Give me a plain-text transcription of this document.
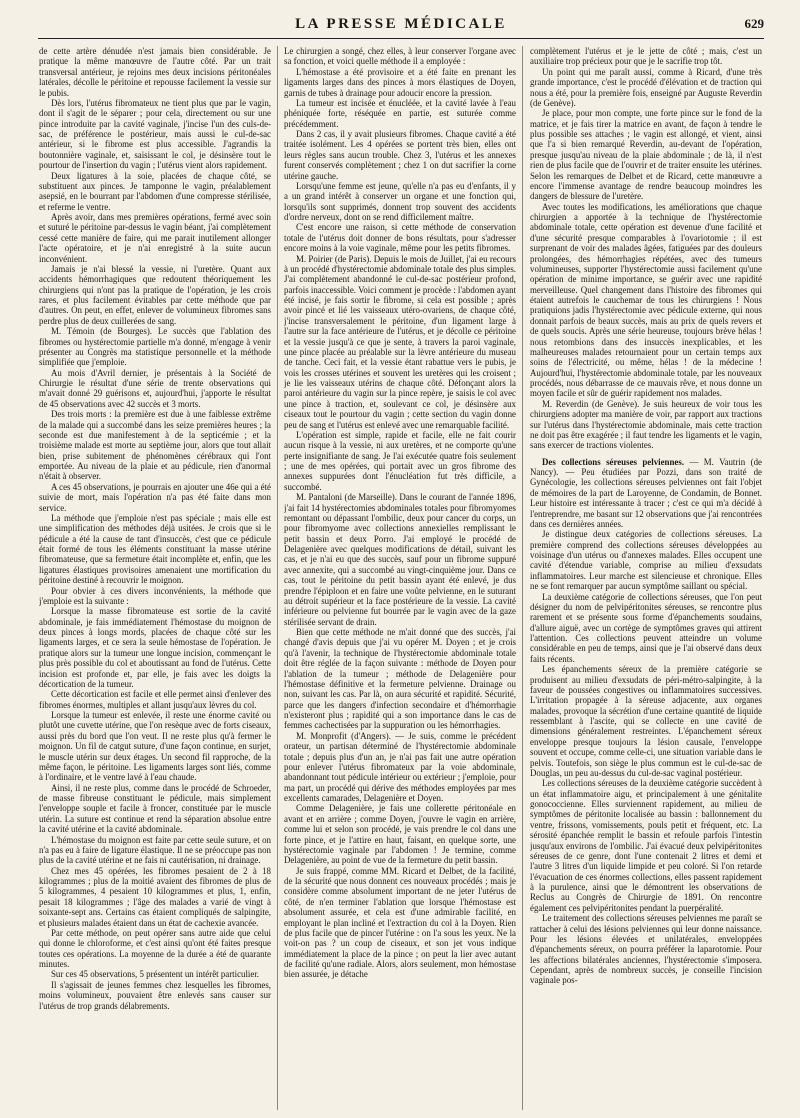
LA PRESSE MÉDICALE	629

de cette artère dénudée n'est jamais bien considérable. Je pratique la même manœuvre de l'autre côté. Par un trait transversal antérieur, je rejoins mes deux incisions péritonéales latérales, décolle le péritoine et repousse facilement la vessie sur le pubis.

Dès lors, l'utérus fibromateux ne tient plus que par le vagin, dont il s'agit de le séparer ; pour cela, directement ou sur une pince introduite par la cavité vaginale, j'incise l'un des culs-de-sac, de préférence le postérieur, mais aussi le cul-de-sac antérieur, si le fibrome est plus accessible. J'agrandis la boutonnière vaginale, et, saisissant le col, je désinsère tout le pourtour de l'insertion du vagin ; l'utérus vient alors rapidement.

Deux ligatures à la soie, placées de chaque côté, se substituent aux pinces. Je tamponne le vagin, préalablement asepsié, en le bourrant par l'abdomen d'une compresse stérilisée, et referme le ventre.

Après avoir, dans mes premières opérations, fermé avec soin et suturé le péritoine par-dessus le vagin béant, j'ai complètement cessé cette manière de faire, qui me parait inutilement allonger l'acte opératoire, et je n'ai enregistré à la suite aucun inconvénient.

Jamais je n'ai blessé la vessie, ni l'uretère. Quant aux accidents hémorrhagiques que redoutent théoriquement les chirurgiens qui n'ont pas la pratique de l'opération, je les crois rares, et plus facilement évitables par cette méthode que par d'autres. On peut, en effet, enlever de volumineux fibromes sans perdre plus de deux cuillerées de sang.

M. Témoin (de Bourges). Le succès que l'ablation des fibromes ou hystérectomie partielle m'a donné, m'engage à venir présenter au Congrès ma statistique personnelle et la méthode simplifiée que j'emploie.

Au mois d'Avril dernier, je présentais à la Société de Chirurgie le résultat d'une série de trente observations qui m'avait donné 29 guérisons et, aujourd'hui, j'apporte le résultat de 45 observations avec 42 succès et 3 morts.

Des trois morts : la première est due à une faiblesse extrême de la malade qui a succombé dans les seize premières heures ; la seconde est due manifestement à de la septicémie ; et la troisième malade est morte au septième jour, alors que tout allait bien, prise subitement de phénomènes cérébraux qui l'ont emportée. Au niveau de la plaie et au pédicule, rien d'anormal n'était à observer.

A ces 45 observations, je pourrais en ajouter une 46e qui a été suivie de mort, mais l'opération n'a pas été faite dans mon service.

La méthode que j'emploie n'est pas spéciale ; mais elle est une simplification des méthodes déjà usitées. Je crois que si le pédicule a été la cause de tant d'insuccès, c'est que ce pédicule était formé de tous les éléments constituant la masse utérine fibromateuse, que sa fermeture était incomplète et, enfin, que les ligatures élastiques provisoires amenaient une mortification du péritoine destiné à recouvrir le moignon.

Pour obvier à ces divers inconvénients, la méthode que j'emploie est la suivante :

Lorsque la masse fibromateuse est sortie de la cavité abdominale, je fais immédiatement l'hémostase du moignon de deux pinces à longs mords, placées de chaque côté sur les ligaments larges, et ce sera la seule hémostase de l'opération. Je pratique alors sur la tumeur une longue incision, commençant le plus près possible du col et aboutissant au fond de l'utérus. Cette incision est profonde et, par elle, je fais avec les doigts la décortication de la tumeur.

Cette décortication est facile et elle permet ainsi d'enlever des fibromes énormes, multiples et allant jusqu'aux lèvres du col.

Lorsque la tumeur est enlevée, il reste une énorme cavité ou plutôt une cuvette utérine, que l'on resèque avec de forts ciseaux, aussi près du bord que l'on veut. Il ne reste plus qu'à fermer le moignon. Un fil de catgut suture, d'une façon continue, en surjet, le muscle utérin sur deux étages. Un second fil rapproche, de la même façon, le péritoine. Les ligaments larges sont liés, comme à l'ordinaire, et le ventre lavé à l'eau chaude.

Ainsi, il ne reste plus, comme dans le procédé de Schroeder, de masse fibreuse constituant le pédicule, mais simplement l'enveloppe souple et facile à froncer, constituée par le muscle utérin. La suture est continue et rend la séparation absolue entre la cavité utérine et la cavité abdominale.

L'hémostase du moignon est faite par cette seule suture, et on n'a pas eu à faire de ligature élastique. Il ne se préoccupe pas non plus de la cavité utérine et ne fais ni cautérisation, ni drainage.

Chez mes 45 opérées, les fibromes pesaient de 2 à 18 kilogrammes ; plus de la moitié avaient des fibromes de plus de 5 kilogrammes, 4 pesaient 10 kilogrammes et plus, 1, enfin, pesait 18 kilogrammes ; l'âge des malades a varié de vingt à soixante-sept ans. Certains cas étaient compliqués de salpingite, et plusieurs malades étaient dans un état de cachexie avancée.

Par cette méthode, on peut opérer sans autre aide que celui qui donne le chloroforme, et c'est ainsi qu'ont été faites presque toutes ces opérations. La moyenne de la durée a été de quarante minutes.

Sur ces 45 observations, 5 présentent un intérêt particulier.

Il s'agissait de jeunes femmes chez lesquelles les fibromes, moins volumineux, pouvaient être enlevés sans causer sur l'utérus de trop grands délabrements.

Le chirurgien a songé, chez elles, à leur conserver l'organe avec sa fonction, et voici quelle méthode il a employée :

L'hémostase a été provisoire et a été faite en prenant les ligaments larges dans des pinces à mors élastiques de Doyen, garnis de tubes à drainage pour adoucir encore la pression.

La tumeur est incisée et énucléée, et la cavité lavée à l'eau phéniquée forte, réséquée en partie, est suturée comme précédemment.

Dans 2 cas, il y avait plusieurs fibromes. Chaque cavité a été traitée isolément. Les 4 opérées se portent très bien, elles ont leurs règles sans aucun trouble. Chez 3, l'utérus et les annexes furent conservés complètement ; chez 1 on dut sacrifier la corne utérine gauche.

Lorsqu'une femme est jeune, qu'elle n'a pas eu d'enfants, il y a un grand intérêt à conserver un organe et une fonction qui, lorsqu'ils sont supprimés, donnent trop souvent des accidents d'ordre nerveux, dont on se rend difficilement maître.

C'est encore une raison, si cette méthode de conservation totale de l'utérus doit donner de bons résultats, pour s'adresser encore moins à la voie vaginale, même pour les petits fibromes.

M. Poirier (de Paris). Depuis le mois de Juillet, j'ai eu recours à un procédé d'hystérectomie abdominale totale des plus simples. J'ai complètement abandonné le cul-de-sac postérieur profond, parfois inaccessible. Voici comment je procède : l'abdomen ayant été incisé, je fais sortir le fibrome, si cela est possible ; après avoir pincé et lié les vaisseaux utéro-ovariens, de chaque côté, j'incise transversalement le péritoine, d'un ligament large à l'autre sur la face antérieure de l'utérus, et je décolle ce péritoine et la vessie jusqu'à ce que je sente, à travers la paroi vaginale, une pince placée au préalable sur la lèvre antérieure du museau de tanche. Ceci fait, et la vessie étant rabattue vers le pubis, je vois les crosses utérines et souvent les uretères qui les croisent ; je lie les vaisseaux utérins de chaque côté. Défonçant alors la paroi antérieure du vagin sur la pince repère, je saisis le col avec une pince à traction, et, soulevant ce col, je désinsère aux ciseaux tout le pourtour du vagin ; cette section du vagin donne peu de sang et l'utérus est enlevé avec une remarquable facilité.

L'opération est simple, rapide et facile, elle ne fait courir aucun risque à la vessie, ni aux uretères, et ne comporte qu'une perte insignifiante de sang. Je l'ai exécutée quatre fois seulement ; une de mes opérées, qui portait avec un gros fibrome des annexes suppurées dont l'énucléation fut très difficile, a succombé.

M. Pantaloni (de Marseille). Dans le courant de l'année 1896, j'ai fait 14 hystérectomies abdominales totales pour fibromyomes remontant ou dépassant l'ombilic, deux pour cancer du corps, un pour fibromyome avec collections annexielles remplissant le petit bassin et deux Porro. J'ai employé le procédé de Delagenière avec quelques modifications de détail, suivant les cas, et je n'ai eu que des succès, sauf pour un fibrome suppuré avec annexite, qui a succombé au vingt-cinquième jour. Dans ce cas, tout le péritoine du petit bassin ayant été enlevé, je dus prendre l'épiploon et en faire une voûte pelvienne, en le suturant au détroit supérieur et la face postérieure de la vessie. La cavité inférieure ou pelvienne fut bourrée par le vagin avec de la gaze stérilisée servant de drain.

Bien que cette méthode ne m'ait donné que des succès, j'ai changé d'avis depuis que j'ai vu opérer M. Doyen ; et je crois qu'à l'avenir, la technique de l'hystérectomie abdominale totale doit être réglée de la façon suivante : méthode de Doyen pour l'ablation de la tumeur ; méthode de Delagenière pour l'hémostase définitive et la fermeture pelvienne. Drainage ou non, suivant les cas. Par là, on aura sécurité et rapidité. Sécurité, parce que les dangers d'infection secondaire et d'hémorrhagie n'existeront plus ; rapidité qui a son importance dans le cas de femmes cachectisées par la suppuration ou les hémorrhagies.

M. Monprofit (d'Angers). — Je suis, comme le précédent orateur, un partisan déterminé de l'hystérectomie abdominale totale ; depuis plus d'un an, je n'ai pas fait une autre opération pour enlever l'utérus fibromateux par la voie abdominale, abandonnant tout pédicule intérieur ou extérieur ; j'emploie, pour ma part, un procédé qui dérive des méthodes employées par mes excellents camarades, Delagenière et Doyen.

Comme Delagenière, je fais une collerette péritonéale en avant et en arrière ; comme Doyen, j'ouvre le vagin en arrière, comme lui et selon son procédé, je vais prendre le col dans une forte pince, et je l'attire en haut, faisant, en quelque sorte, une hystérectomie vaginale par l'abdomen ! Je termine, comme Delagenière, au point de vue de la fermeture du petit bassin.

Je suis frappé, comme MM. Ricard et Delbet, de la facilité, de la sécurité que nous donnent ces nouveaux procédés ; mais je considère comme absolument important de ne jeter l'utérus de côté, de n'en terminer l'ablation que lorsque l'hémostase est absolument assurée, et cela est d'une admirable facilité, en employant le plan incliné et l'extraction du col à la Doyen. Rien de plus facile que de pincer l'utérine : on l'a sous les yeux. Ne la voit-on pas ? un coup de ciseaux, et son jet vous indique immédiatement la place de la pince ; on peut la lier avec autant de facilité qu'une radiale. Alors, alors seulement, mon hémostase bien assurée, je détache

complètement l'utérus et je le jette de côté ; mais, c'est un auxiliaire trop précieux pour que je le sacrifie trop tôt.

Un point qui me paraît aussi, comme à Ricard, d'une très grande importance, c'est le procédé d'élévation et de traction qui nous a été, pour la première fois, enseigné par Auguste Reverdin (de Genève).

Je place, pour mon compte, une forte pince sur le fond de la matrice, et je fais tirer la matrice en avant, de façon à tendre le plus possible ses attaches ; le vagin est allongé, et vient, ainsi que l'a si bien remarqué Reverdin, au-devant de l'opération, presque jusqu'au niveau de la plaie abdominale ; de là, il n'est rien de plus facile que de l'ouvrir et de traiter ensuite les utérines. Selon les remarques de Delbet et de Ricard, cette manœuvre a encore l'immense avantage de rendre beaucoup moindres les dangers de blessure de l'uretère.

Avec toutes les modifications, les améliorations que chaque chirurgien a apportée à la technique de l'hystérectomie abdominale totale, cette opération est devenue d'une facilité et d'une sécurité presque comparables à l'ovariotomie ; il est surprenant de voir des malades âgées, fatiguées par des douleurs prolongées, des hémorrhagies répétées, avec des tumeurs volumineuses, supporter l'hystérectomie aussi facilement qu'une opération de minime importance, se guérir avec une rapidité merveilleuse. Quel changement dans l'histoire des fibromes qui étaient autrefois le cauchemar de tous les chirurgiens ! Nous pratiquions jadis l'hystérectomie avec pédicule externe, qui nous donnait parfois de beaux succès, mais au prix de quels revers et de quels soucis. Après une série heureuse, toujours brève hélas ! nous retombions dans des insuccès inexplicables, et les malheureuses malades retournaient pour un certain temps aux soins de l'électricité, ou même, hélas ! de la médecine ! Aujourd'hui, l'hystérectomie abdominale totale, par les nouveaux procédés, nous débarrasse de ce mauvais rêve, et nous donne un moyen facile et sûr de guérir rapidement nos malades.

M. Reverdin (de Genève). Je suis heureux de voir tous les chirurgiens adopter ma manière de voir, par rapport aux tractions sur l'utérus dans l'hystérectomie abdominale, mais cette traction ne doit pas être exagérée ; il faut tendre les ligaments et le vagin, sans exercer de tractions violentes.

Des collections séreuses pelviennes. — M. Vautrin (de Nancy). — Peu étudiées par Pozzi, dans son traité de Gynécologie, les collections séreuses pelviennes ont fait l'objet de mémoires de la part de Laroyenne, de Condamin, de Bonnet. Leur histoire est intéressante à tracer ; c'est ce qui m'a décidé à l'entreprendre, me basant sur 12 observations que j'ai rencontrées dans ces dernières années.

Je distingue deux catégories de collections séreuses. La première comprend des collections séreuses développées au voisinage d'un utérus ou d'annexes malades. Elles occupent une cavité d'étendue variable, comprise au milieu d'exsudats inflammatoires. Leur marche est silencieuse et chronique. Elles ne se font remarquer par aucun symptôme saillant ou spécial.

La deuxième catégorie de collections séreuses, que l'on peut désigner du nom de pelvipéritonites séreuses, se rencontre plus rarement et se présente sous forme d'épanchements soudains, d'allure aiguë, avec un cortège de symptômes graves qui attirent l'attention. Ces collections peuvent atteindre un volume considérable en peu de temps, ainsi que je l'ai observé dans deux faits récents.

Les épanchements séreux de la première catégorie se produisent au milieu d'exsudats de péri-métro-salpingite, à la faveur de poussées congestives ou inflammatoires successives. L'irritation propagée à la séreuse adjacente, aux organes malades, provoque la sécrétion d'une certaine quantité de liquide ressemblant à l'ascite, qui se collecte en une cavité de dimensions généralement restreintes. L'épanchement séreux enveloppe presque toujours la lésion causale, l'enveloppe souvent et occupe, comme celle-ci, une situation variable dans le pelvis. Toutefois, son siège le plus commun est le cul-de-sac de Douglas, un peu au-dessus du cul-de-sac vaginal postérieur.

Les collections séreuses de la deuxième catégorie succèdent à un état inflammatoire aigu, et principalement à une génitalite gonococcienne. Elles surviennent rapidement, au milieu de symptômes de péritonite localisée au bassin : ballonnement du ventre, frissons, vomissements, pouls petit et fréquent, etc. La sérosité épanchée remplit le bassin et refoule parfois l'intestin jusqu'aux environs de l'ombilic. J'ai évacué deux pelvipéritonites séreuses de ce genre, dont l'une contenait 2 litres et demi et l'autre 3 litres d'un liquide limpide et peu coloré. Si l'on retarde l'évacuation de ces énormes collections, elles passent rapidement à la purulence, ainsi que le démontrent les observations de Reclus au Congrès de Chirurgie de 1891. On rencontre également ces pelvipéritonites pendant la puerpéralité.

Le traitement des collections séreuses pelviennes me paraît se rattacher à celui des lésions pelviennes qui leur donne naissance. Pour les lésions élevées et unilatérales, enveloppées d'épanchements séreux, on pourra préférer la laparotomie. Pour les affections bilatérales anciennes, l'hystérectomie s'imposera. Cependant, après de nombreux succès, je conseille l'incision vaginale pos-
